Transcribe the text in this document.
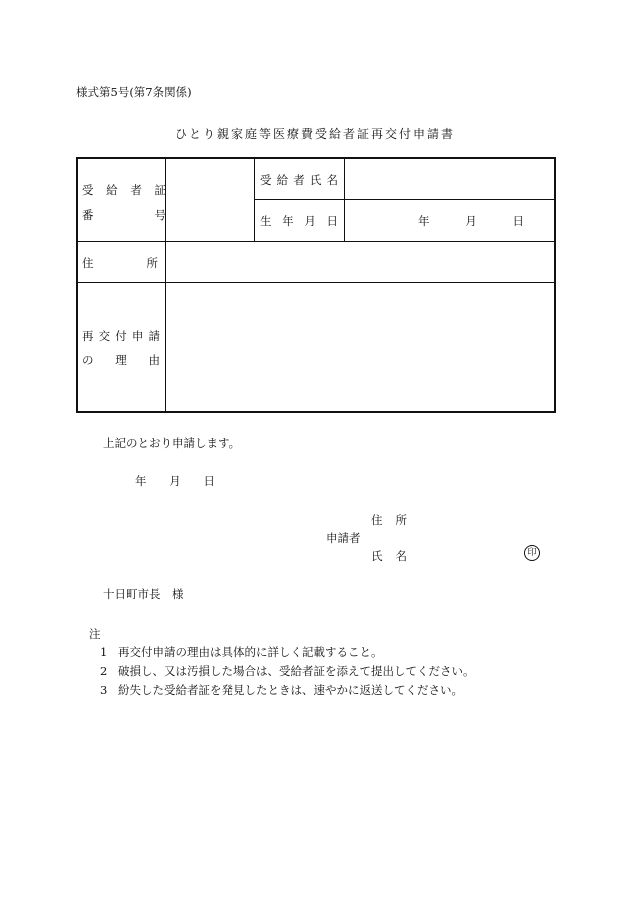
様式第5号(第7条関係)
ひとり親家庭等医療費受給者証再交付申請書
受 給 者 証
番	号
受 給 者 氏 名
生 年 月 日	年	月	日
住	所
再 交 付 申 請
の 理 由
上記のとおり申請します。
年 月 日
住 所
申請者
氏 名	印
十日町市長　様
注
1 再交付申請の理由は具体的に詳しく記載すること。
2 破損し、又は汚損した場合は、受給者証を添えて提出してください。
3 紛失した受給者証を発見したときは、速やかに返送してください。
